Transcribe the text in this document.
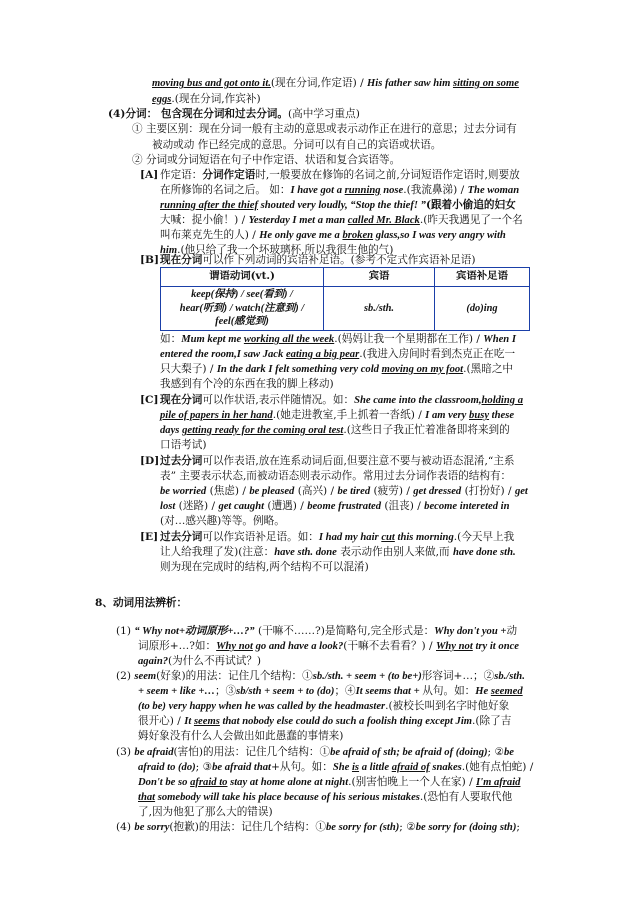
moving bus and got onto it.(现在分词,作定语) / His father saw him sitting on some
eggs.(现在分词,作宾补)
(4)分词： 包含现在分词和过去分词。(高中学习重点)
① 主要区别：现在分词一般有主动的意思或表示动作正在进行的意思；过去分词有
被动或动 作已经完成的意思。分词可以有自己的宾语或状语。
② 分词或分词短语在句子中作定语、状语和复合宾语等。
[A] 作定语：分词作定语时,一般要放在修饰的名词之前,分词短语作定语时,则要放
在所修饰的名词之后。 如：I have got a running nose.(我流鼻涕) / The woman
running after the thief shouted very loudly, “Stop the thief! ”(跟着小偷追的妇女
大喊：捉小偷！) / Yesterday I met a man called Mr. Black.(昨天我遇见了一个名
叫布莱克先生的人) / He only gave me a broken glass,so I was very angry with
him.(他只给了我一个坏玻璃杯,所以我很生他的气)
[B]现在分词可以作下列动词的宾语补足语。(参考不定式作宾语补足语)
谓语动词(vt.)	宾语	宾语补足语

keep(保持) / see(看到) /
hear(听到) / watch(注意到) /
feel(感觉到)	sb./sth.	(do)ing
如：Mum kept me working all the week.(妈妈让我一个星期都在工作) / When I
entered the room,I saw Jack eating a big pear.(我进入房间时看到杰克正在吃一
只大梨子) / In the dark I felt something very cold moving on my foot.(黑暗之中
我感到有个冷的东西在我的脚上移动)
[C] 现在分词可以作状语,表示伴随情况。如：She came into the classroom,holding a
pile of papers in her hand.(她走进教室,手上抓着一沓纸) / I am very busy these
days getting ready for the coming oral test.(这些日子我正忙着准备即将来到的
口语考试)
[D]过去分词可以作表语,放在连系动词后面,但要注意不要与被动语态混淆,“主系
表” 主要表示状态,而被动语态则表示动作。常用过去分词作表语的结构有：
be worried (焦虑) / be pleased (高兴) / be tired (疲劳) / get dressed (打扮好) / get
lost (迷路) / get caught (遭遇) / beome frustrated (沮丧) / become intereted in
(对…感兴趣)等等。例略。
[E] 过去分词可以作宾语补足语。如：I had my hair cut this morning.(今天早上我
让人给我理了发)(注意：have sth. done 表示动作由别人来做,而 have done sth.
则为现在完成时的结构,两个结构不可以混淆)
8、动词用法辨析：
(1) “ Why not+动词原形+…?” (干嘛不……?)是简略句,完全形式是：Why don't you +动
词原形+…?如：Why not go and have a look?(干嘛不去看看？) / Why not try it once
again?(为什么不再试试？)
(2) seem(好象)的用法：记住几个结构：①sb./sth. + seem + (to be+)形容词+…；②sb./sth.
+ seem + like +…；③sb/sth + seem + to (do)；④It seems that + 从句。如：He seemed
(to be) very happy when he was called by the headmaster.(被校长叫到名字时他好象
很开心) / It seems that nobody else could do such a foolish thing except Jim.(除了吉
姆好象没有什么人会做出如此愚蠢的事情来)
(3) be afraid(害怕)的用法：记住几个结构：①be afraid of sth; be afraid of (doing); ②be
afraid to (do); ③be afraid that+从句。如：She is a little afraid of snakes.(她有点怕蛇) /
Don't be so afraid to stay at home alone at night.(别害怕晚上一个人在家) / I'm afraid
that somebody will take his place because of his serious mistakes.(恐怕有人要取代他
了,因为他犯了那么大的错误)
(4) be sorry(抱歉)的用法：记住几个结构：①be sorry for (sth); ②be sorry for (doing sth);
